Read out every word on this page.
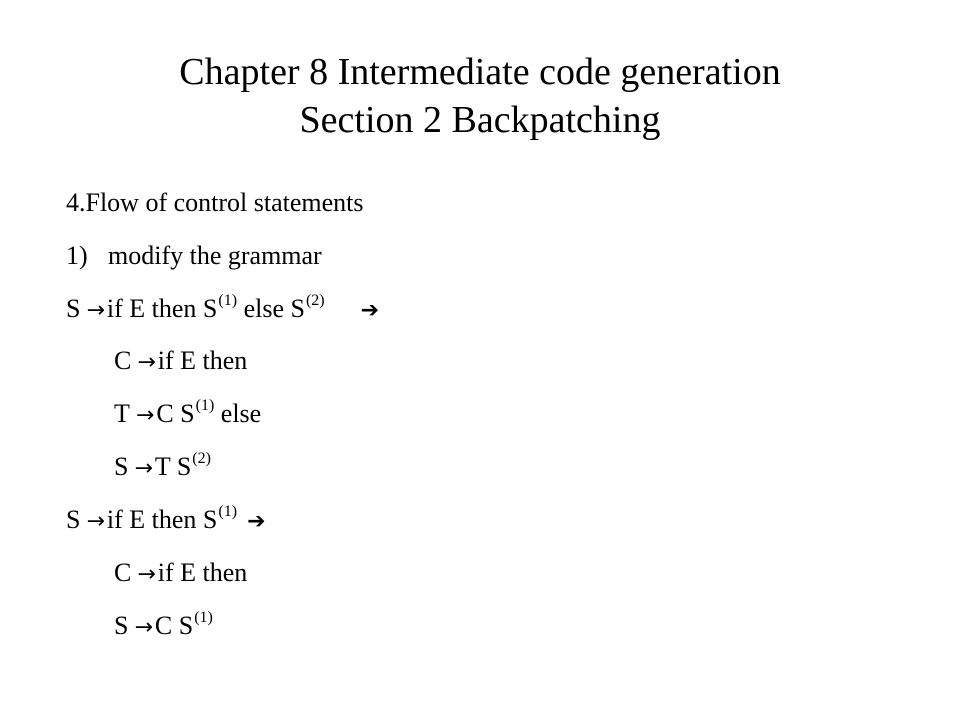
Chapter 8 Intermediate code generation
Section 2 Backpatching
4.Flow of control statements
1) modify the grammar
S →if E then $S^{(1)}$ else $S^{(2)}$ ➔
C →if E then
T →C $S^{(1)}$ else
S →T $S^{(2)}$
S →if E then $S^{(1)}$ ➔
C →if E then
S →C $S^{(1)}$
